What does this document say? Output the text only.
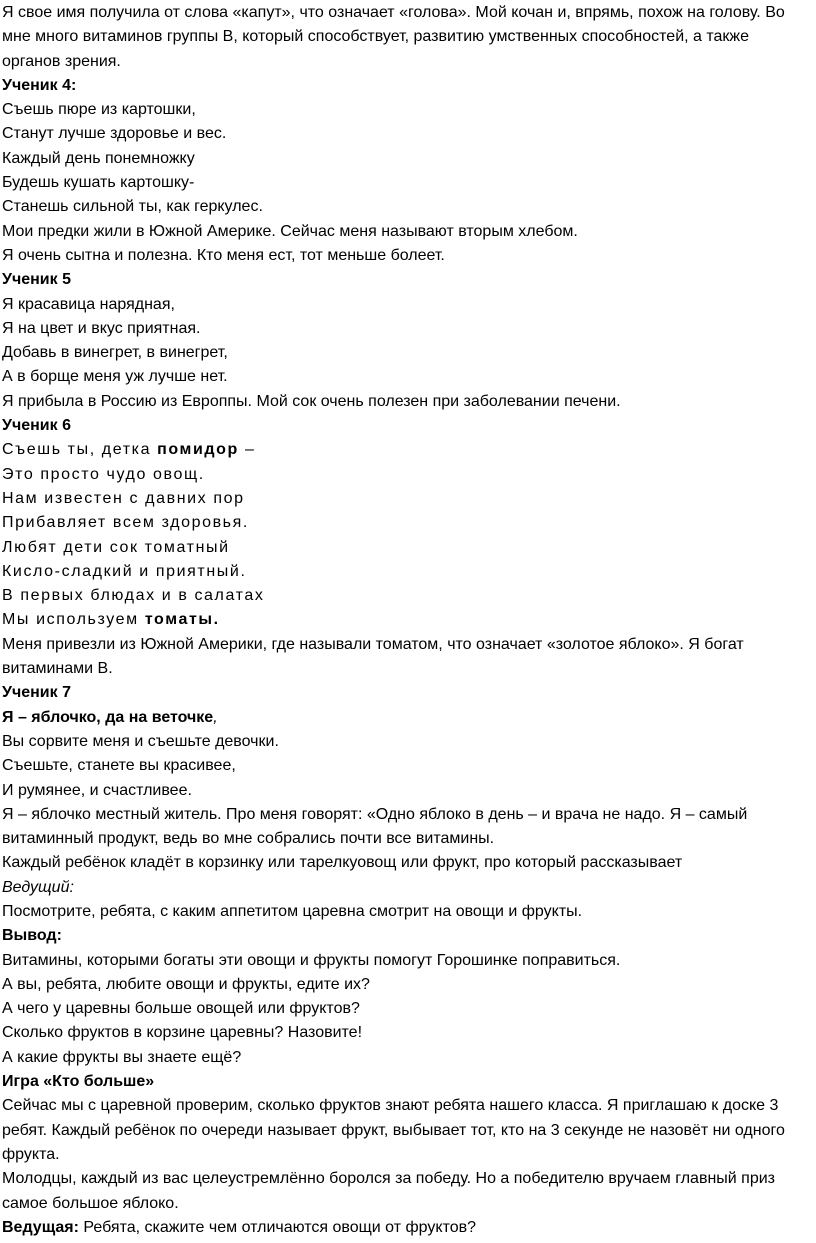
Я свое имя получила от слова «капут», что означает «голова». Мой кочан и, впрямь, похож на голову. Во мне много витаминов группы В, который способствует, развитию умственных способностей, а также органов зрения.

Ученик 4:

Съешь пюре из картошки,

Станут лучше здоровье и вес.

Каждый день понемножку

Будешь кушать картошку-

Станешь сильной ты, как геркулес.

Мои предки жили в Южной Америке. Сейчас меня называют вторым хлебом.

Я очень сытна и полезна. Кто меня ест, тот меньше болеет.

Ученик 5

Я красавица нарядная,

Я на цвет и вкус приятная.

Добавь в винегрет, в винегрет,

А в борще меня уж лучше нет.

Я прибыла в Россию из Европпы. Мой сок очень полезен при заболевании печени.

Ученик 6

Съешь ты, детка помидор –

Это просто чудо овощ.

Нам известен с давних пор

Прибавляет всем здоровья.

Любят дети сок томатный

Кисло-сладкий и приятный.

В первых блюдах и в салатах

Мы используем томаты.

Меня привезли из Южной Америки, где называли томатом, что означает «золотое яблоко». Я богат витаминами В.

Ученик 7

Я – яблочко, да на веточке,

Вы сорвите меня и съешьте девочки.

Съешьте, станете вы красивее,

И румянее, и счастливее.

Я – яблочко местный житель. Про меня говорят: «Одно яблоко в день – и врача не надо. Я – самый витаминный продукт, ведь во мне собрались почти все витамины.

Каждый ребёнок кладёт в корзинку или тарелкуовощ или фрукт, про который рассказывает

Ведущий:

Посмотрите, ребята, с каким аппетитом царевна смотрит на овощи и фрукты.

Вывод:

Витамины, которыми богаты эти овощи и фрукты помогут Горошинке поправиться.

А вы, ребята, любите овощи и фрукты, едите их?

А чего у царевны больше овощей или фруктов?

Сколько фруктов в корзине царевны? Назовите!

А какие фрукты вы знаете ещё?

Игра «Кто больше»

Сейчас мы с царевной проверим, сколько фруктов знают ребята нашего класса. Я приглашаю к доске 3 ребят. Каждый ребёнок по очереди называет фрукт, выбывает тот, кто на 3 секунде не назовёт ни одного фрукта.

Молодцы, каждый из вас целеустремлённо боролся за победу. Но а победителю вручаем главный приз самое большое яблоко.

Ведущая: Ребята, скажите чем отличаются овощи от фруктов?
